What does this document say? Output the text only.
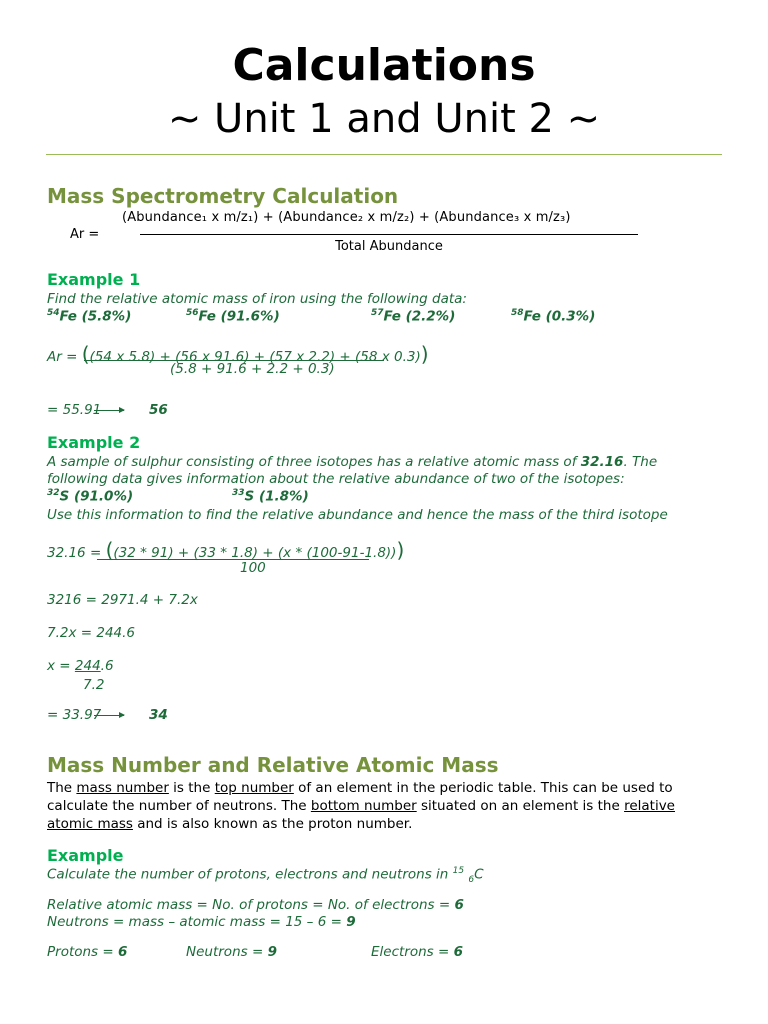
Calculations
~ Unit 1 and Unit 2 ~
Mass Spectrometry Calculation
Ar =
(Abundance₁ x m/z₁) + (Abundance₂ x m/z₂) + (Abundance₃ x m/z₃)
Total Abundance
Example 1
Find the relative atomic mass of iron using the following data:
$^{54}$Fe (5.8%)	$^{56}$Fe (91.6%)	$^{57}$Fe (2.2%)	$^{58}$Fe (0.3%)
Ar = ((54 x 5.8) + (56 x 91.6) + (57 x 2.2) + (58 x 0.3))
(5.8 + 91.6 + 2.2 + 0.3)
= 55.91	56
Example 2
A sample of sulphur consisting of three isotopes has a relative atomic mass of 32.16. The
following data gives information about the relative abundance of two of the isotopes:
$^{32}$S (91.0%)	$^{33}$S (1.8%)
Use this information to find the relative abundance and hence the mass of the third isotope
32.16 = ((32 * 91) + (33 * 1.8) + (x * (100-91-1.8)))
100
3216 = 2971.4 + 7.2x
7.2x = 244.6
x = 244.6
7.2
= 33.97	34
Mass Number and Relative Atomic Mass
The mass number is the top number of an element in the periodic table. This can be used to
calculate the number of neutrons. The bottom number situated on an element is the relative
atomic mass and is also known as the proton number.
Example
Calculate the number of protons, electrons and neutrons in $^{15}$ $_6$C
Relative atomic mass = No. of protons = No. of electrons = 6
Neutrons = mass – atomic mass = 15 – 6 = 9
Protons = 6	Neutrons = 9	Electrons = 6
